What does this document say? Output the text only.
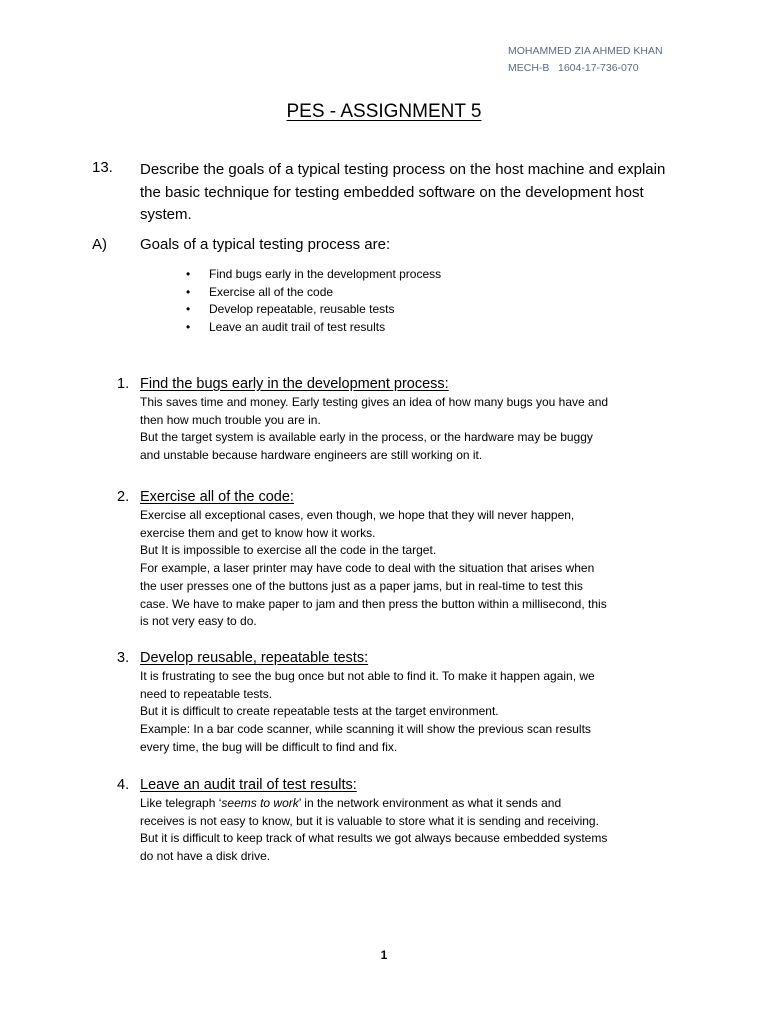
MOHAMMED ZIA AHMED KHAN
MECH-B 1604-17-736-070
PES - ASSIGNMENT 5
13. Describe the goals of a typical testing process on the host machine and explain the basic technique for testing embedded software on the development host system.
A) Goals of a typical testing process are:
• Find bugs early in the development process
• Exercise all of the code
• Develop repeatable, reusable tests
• Leave an audit trail of test results
1. Find the bugs early in the development process:
This saves time and money. Early testing gives an idea of how many bugs you have and
then how much trouble you are in.
But the target system is available early in the process, or the hardware may be buggy
and unstable because hardware engineers are still working on it.
2. Exercise all of the code:
Exercise all exceptional cases, even though, we hope that they will never happen,
exercise them and get to know how it works.
But It is impossible to exercise all the code in the target.
For example, a laser printer may have code to deal with the situation that arises when
the user presses one of the buttons just as a paper jams, but in real-time to test this
case. We have to make paper to jam and then press the button within a millisecond, this
is not very easy to do.
3. Develop reusable, repeatable tests:
It is frustrating to see the bug once but not able to find it. To make it happen again, we
need to repeatable tests.
But it is difficult to create repeatable tests at the target environment.
Example: In a bar code scanner, while scanning it will show the previous scan results
every time, the bug will be difficult to find and fix.
4. Leave an audit trail of test results:
Like telegraph ‘seems to work’ in the network environment as what it sends and
receives is not easy to know, but it is valuable to store what it is sending and receiving.
But it is difficult to keep track of what results we got always because embedded systems
do not have a disk drive.
1
